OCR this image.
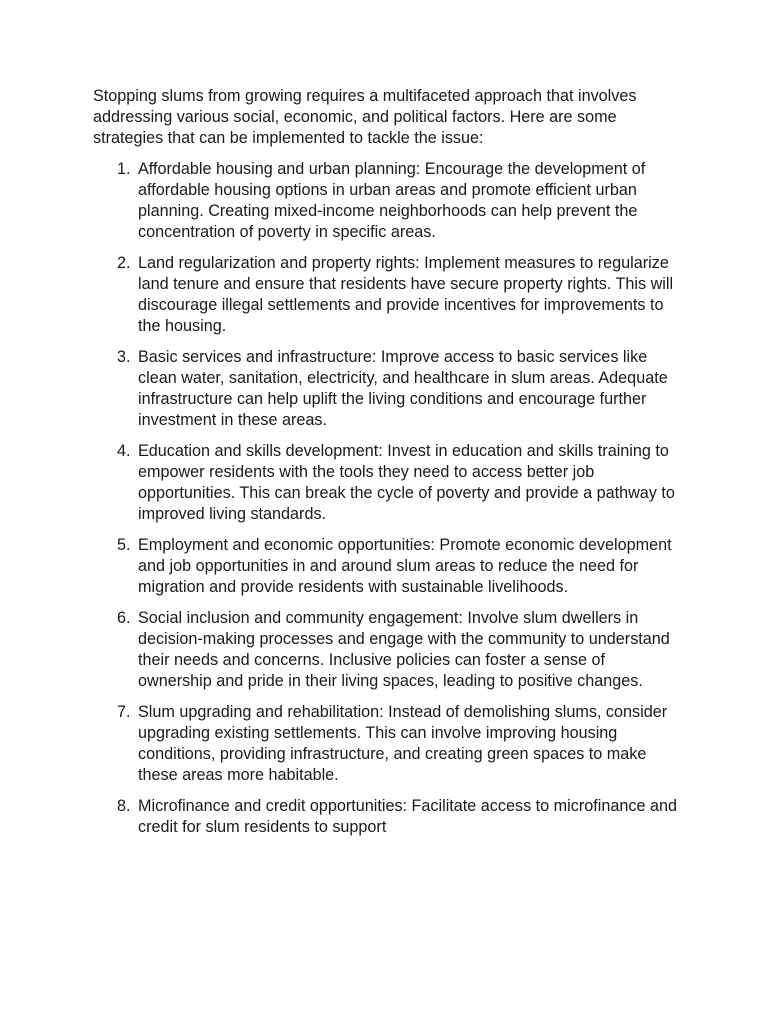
Stopping slums from growing requires a multifaceted approach that involves addressing various social, economic, and political factors. Here are some strategies that can be implemented to tackle the issue:

1. Affordable housing and urban planning: Encourage the development of affordable housing options in urban areas and promote efficient urban planning. Creating mixed-income neighborhoods can help prevent the concentration of poverty in specific areas.
2. Land regularization and property rights: Implement measures to regularize land tenure and ensure that residents have secure property rights. This will discourage illegal settlements and provide incentives for improvements to the housing.
3. Basic services and infrastructure: Improve access to basic services like clean water, sanitation, electricity, and healthcare in slum areas. Adequate infrastructure can help uplift the living conditions and encourage further investment in these areas.
4. Education and skills development: Invest in education and skills training to empower residents with the tools they need to access better job opportunities. This can break the cycle of poverty and provide a pathway to improved living standards.
5. Employment and economic opportunities: Promote economic development and job opportunities in and around slum areas to reduce the need for migration and provide residents with sustainable livelihoods.
6. Social inclusion and community engagement: Involve slum dwellers in decision-making processes and engage with the community to understand their needs and concerns. Inclusive policies can foster a sense of ownership and pride in their living spaces, leading to positive changes.
7. Slum upgrading and rehabilitation: Instead of demolishing slums, consider upgrading existing settlements. This can involve improving housing conditions, providing infrastructure, and creating green spaces to make these areas more habitable.
8. Microfinance and credit opportunities: Facilitate access to microfinance and credit for slum residents to support
